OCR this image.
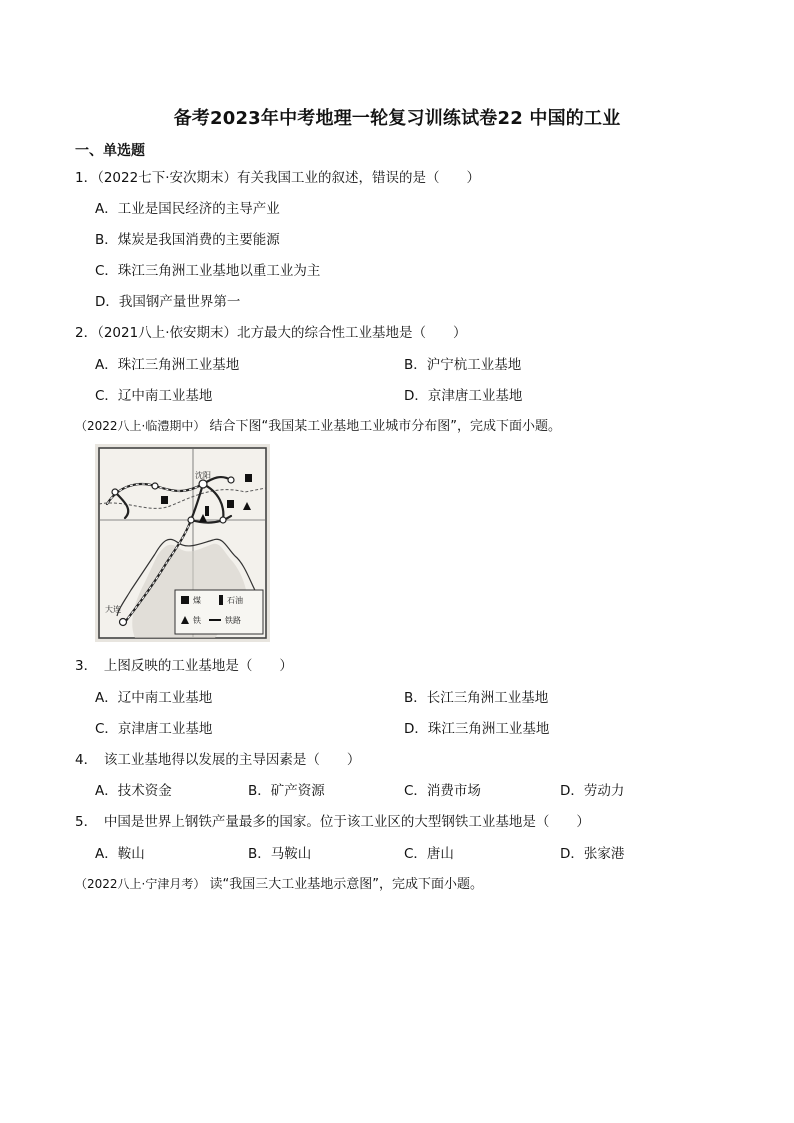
备考2023年中考地理一轮复习训练试卷22 中国的工业
一、单选题
1．（2022七下·安次期末）有关我国工业的叙述，错误的是（　　）
A．工业是国民经济的主导产业
B．煤炭是我国消费的主要能源
C．珠江三角洲工业基地以重工业为主
D．我国钢产量世界第一
2．（2021八上·依安期末）北方最大的综合性工业基地是（　　）
A．珠江三角洲工业基地	B．沪宁杭工业基地
C．辽中南工业基地	D．京津唐工业基地
（2022八上·临澧期中） 结合下图“我国某工业基地工业城市分布图”，完成下面小题。
沈阳
大连
煤	石油
铁	铁路
3．　上图反映的工业基地是（　　）
A．辽中南工业基地	B．长江三角洲工业基地
C．京津唐工业基地	D．珠江三角洲工业基地
4．　该工业基地得以发展的主导因素是（　　）
A．技术资金	B．矿产资源	C．消费市场	D．劳动力
5．　中国是世界上钢铁产量最多的国家。位于该工业区的大型钢铁工业基地是（　　）
A．鞍山	B．马鞍山	C．唐山	D．张家港
（2022八上·宁津月考） 读“我国三大工业基地示意图”，完成下面小题。
